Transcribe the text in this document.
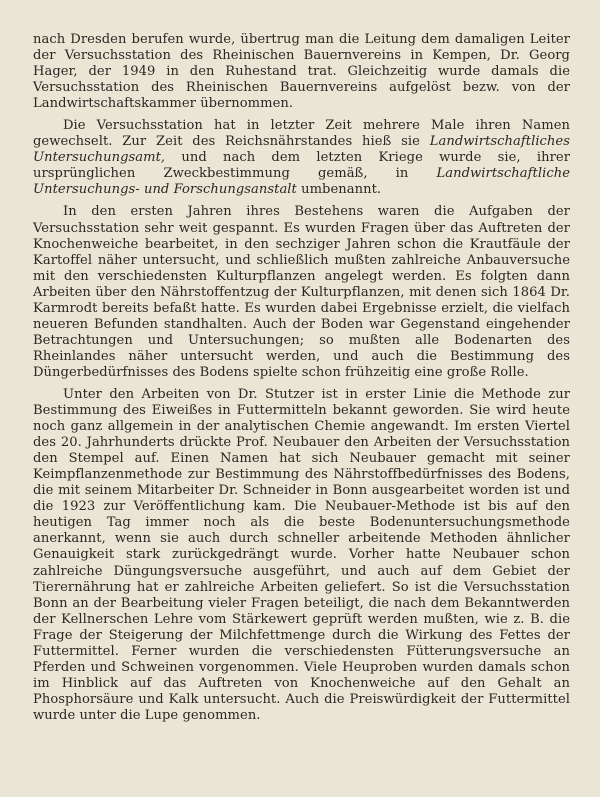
nach Dresden berufen wurde, übertrug man die Leitung dem damaligen Leiter der Versuchsstation des Rheinischen Bauernvereins in Kempen, Dr. Georg Hager, der 1949 in den Ruhestand trat. Gleichzeitig wurde damals die Versuchsstation des Rheinischen Bauernvereins aufgelöst bezw. von der Landwirtschaftskammer übernommen.

Die Versuchsstation hat in letzter Zeit mehrere Male ihren Namen gewechselt. Zur Zeit des Reichsnährstandes hieß sie Landwirtschaftliches Untersuchungsamt, und nach dem letzten Kriege wurde sie, ihrer ursprünglichen Zweckbestimmung gemäß, in Landwirtschaftliche Untersuchungs- und Forschungsanstalt umbenannt.

In den ersten Jahren ihres Bestehens waren die Aufgaben der Versuchsstation sehr weit gespannt. Es wurden Fragen über das Auftreten der Knochenweiche bearbeitet, in den sechziger Jahren schon die Krautfäule der Kartoffel näher untersucht, und schließlich mußten zahlreiche Anbauversuche mit den verschiedensten Kulturpflanzen angelegt werden. Es folgten dann Arbeiten über den Nährstoffentzug der Kulturpflanzen, mit denen sich 1864 Dr. Karmrodt bereits befaßt hatte. Es wurden dabei Ergebnisse erzielt, die vielfach neueren Befunden standhalten. Auch der Boden war Gegenstand eingehender Betrachtungen und Untersuchungen; so mußten alle Bodenarten des Rheinlandes näher untersucht werden, und auch die Bestimmung des Düngerbedürfnisses des Bodens spielte schon frühzeitig eine große Rolle.

Unter den Arbeiten von Dr. Stutzer ist in erster Linie die Methode zur Bestimmung des Eiweißes in Futtermitteln bekannt geworden. Sie wird heute noch ganz allgemein in der analytischen Chemie angewandt. Im ersten Viertel des 20. Jahrhunderts drückte Prof. Neubauer den Arbeiten der Versuchsstation den Stempel auf. Einen Namen hat sich Neubauer gemacht mit seiner Keimpflanzenmethode zur Bestimmung des Nährstoffbedürfnisses des Bodens, die mit seinem Mitarbeiter Dr. Schneider in Bonn ausgearbeitet worden ist und die 1923 zur Veröffentlichung kam. Die Neubauer-Methode ist bis auf den heutigen Tag immer noch als die beste Bodenuntersuchungsmethode anerkannt, wenn sie auch durch schneller arbeitende Methoden ähnlicher Genauigkeit stark zurückgedrängt wurde. Vorher hatte Neubauer schon zahlreiche Düngungsversuche ausgeführt, und auch auf dem Gebiet der Tierernährung hat er zahlreiche Arbeiten geliefert. So ist die Versuchsstation Bonn an der Bearbeitung vieler Fragen beteiligt, die nach dem Bekanntwerden der Kellnerschen Lehre vom Stärkewert geprüft werden mußten, wie z. B. die Frage der Steigerung der Milchfettmenge durch die Wirkung des Fettes der Futtermittel. Ferner wurden die verschiedensten Fütterungsversuche an Pferden und Schweinen vorgenommen. Viele Heuproben wurden damals schon im Hinblick auf das Auftreten von Knochenweiche auf den Gehalt an Phosphorsäure und Kalk untersucht. Auch die Preiswürdigkeit der Futtermittel wurde unter die Lupe genommen.
